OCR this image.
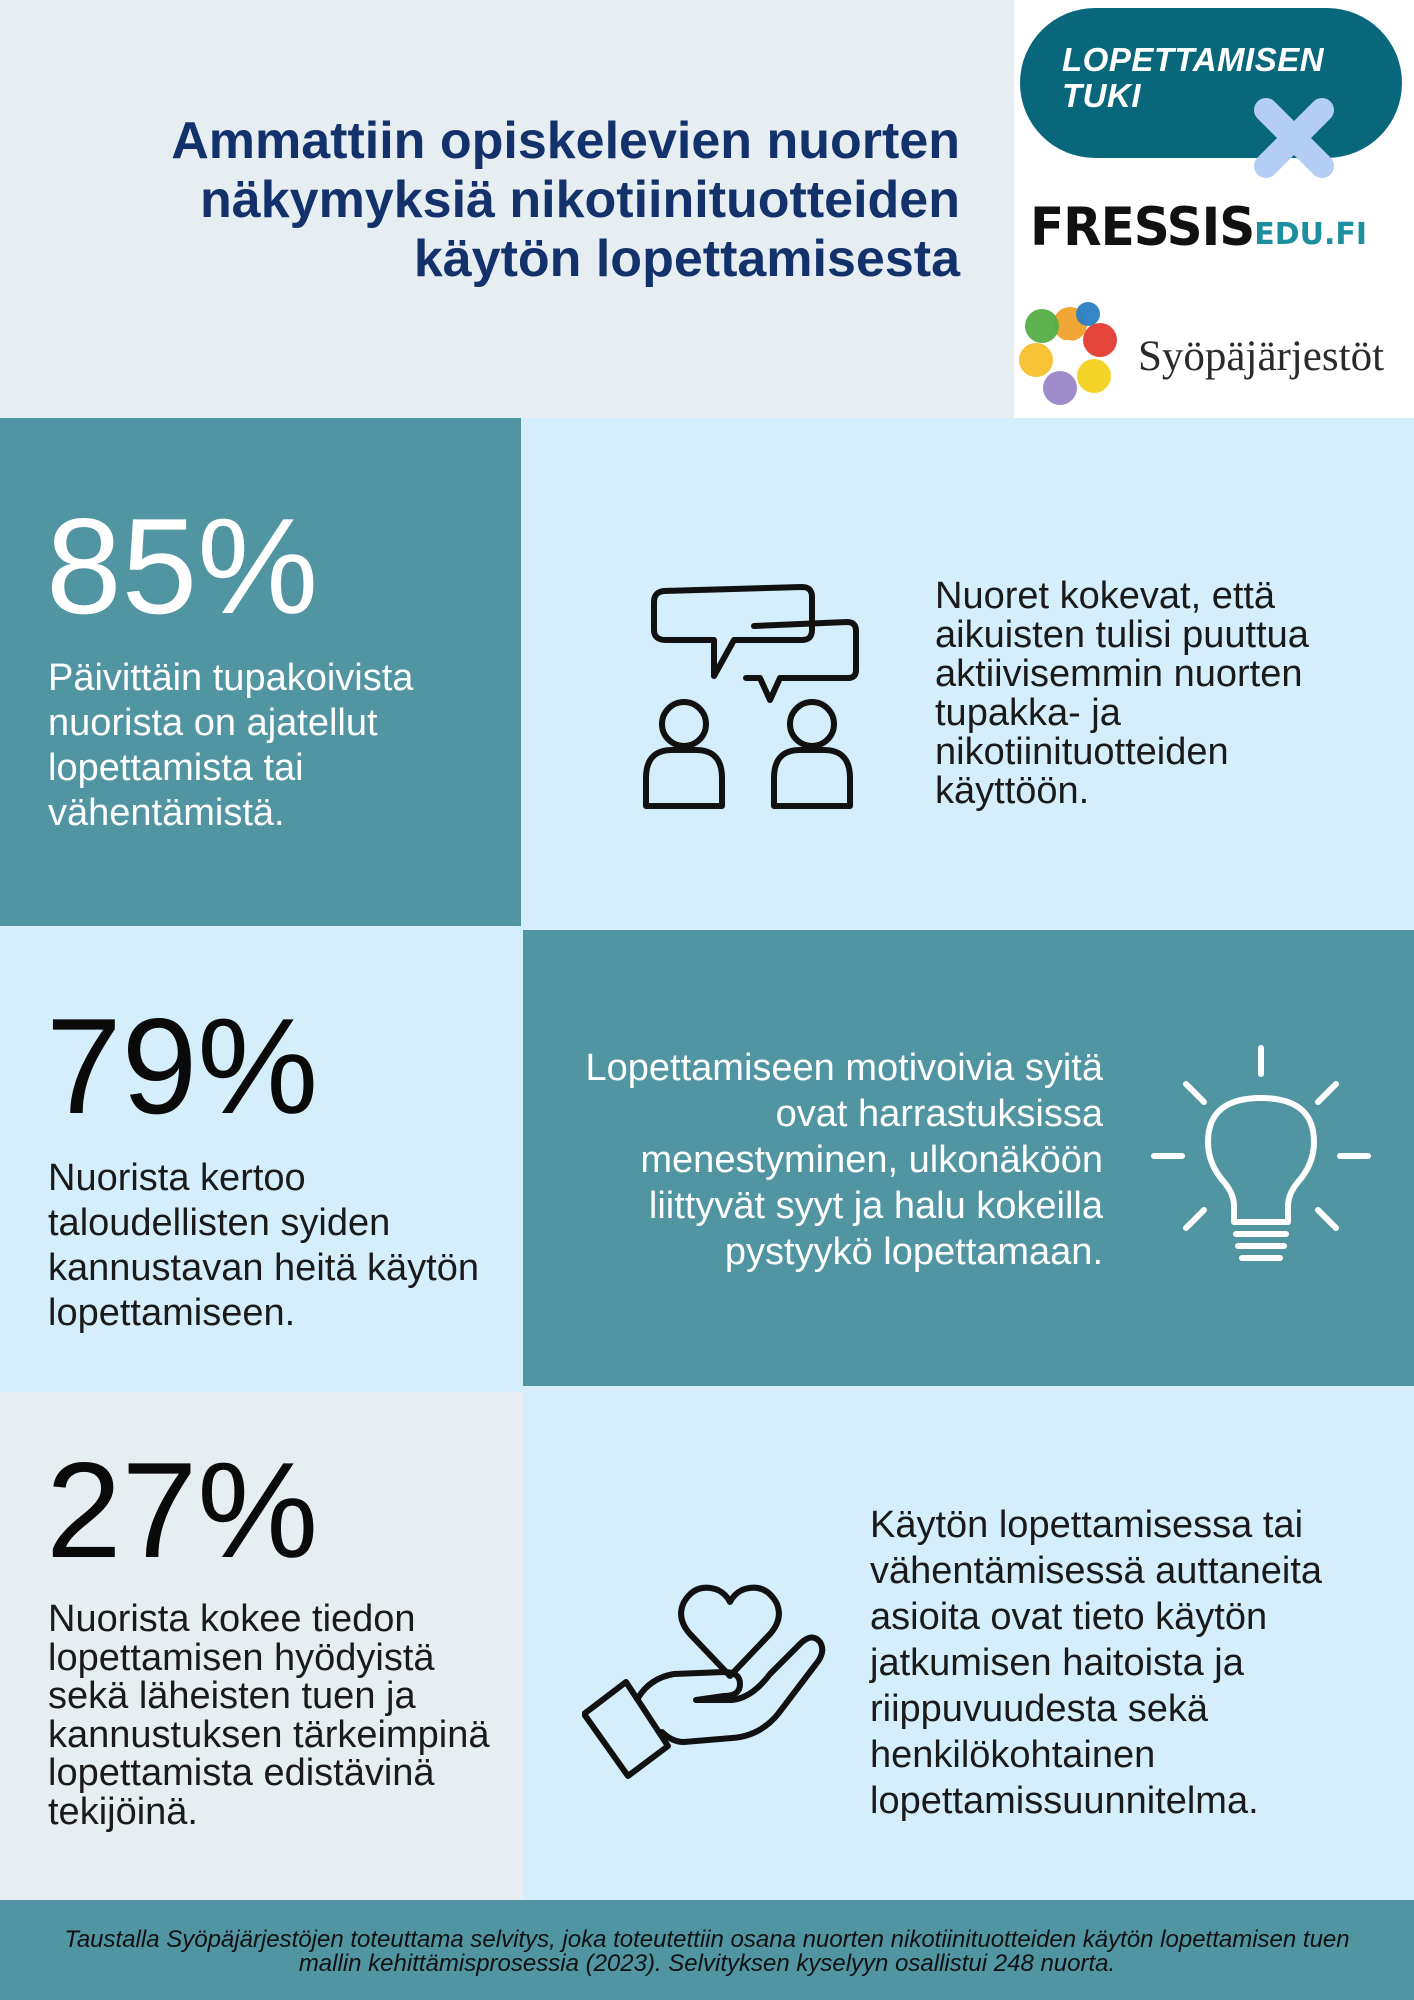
Ammattiin opiskelevien nuorten näkymyksiä nikotiinituotteiden käytön lopettamisesta
LOPETTAMISEN
TUKI
FRESSISEDU.FI
Syöpäjärjestöt

85%

Päivittäin tupakoivista nuorista on ajatellut lopettamista tai vähentämistä.

Nuoret kokevat, että aikuisten tulisi puuttua aktiivisemmin nuorten tupakka- ja nikotiinituotteiden käyttöön.

79%

Nuorista kertoo taloudellisten syiden kannustavan heitä käytön lopettamiseen.

Lopettamiseen motivoivia syitä ovat harrastuksissa menestyminen, ulkonäköön liittyvät syyt ja halu kokeilla pystyykö lopettamaan.

27%

Nuorista kokee tiedon lopettamisen hyödyistä sekä läheisten tuen ja kannustuksen tärkeimpinä lopettamista edistävinä tekijöinä.

Käytön lopettamisessa tai vähentämisessä auttaneita asioita ovat tieto käytön jatkumisen haitoista ja riippuvuudesta sekä henkilökohtainen lopettamissuunnitelma.

Taustalla Syöpäjärjestöjen toteuttama selvitys, joka toteutettiin osana nuorten nikotiinituotteiden käytön lopettamisen tuen mallin kehittämisprosessia (2023). Selvityksen kyselyyn osallistui 248 nuorta.
